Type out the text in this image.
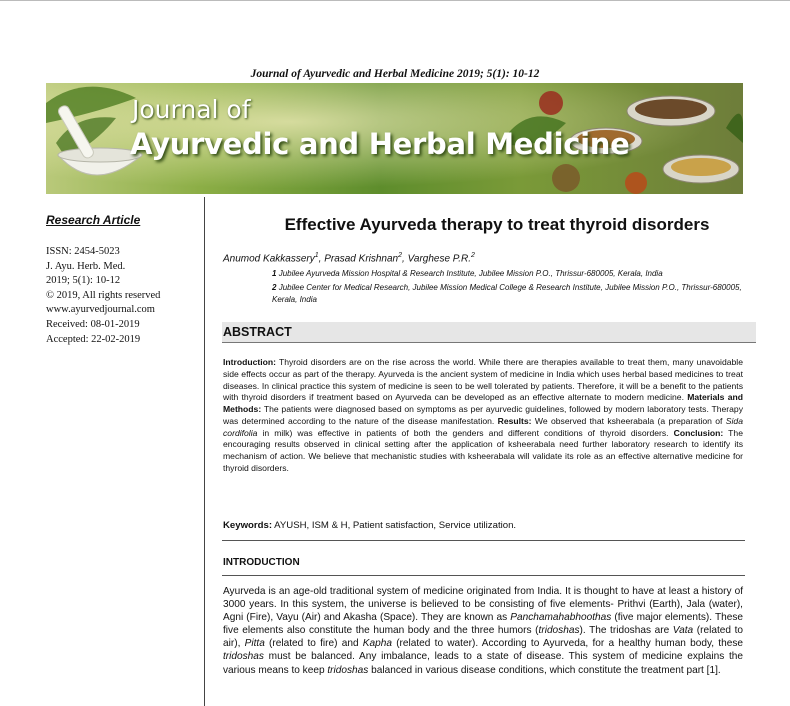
Journal of Ayurvedic and Herbal Medicine 2019; 5(1): 10-12
Journal of
Ayurvedic and Herbal Medicine
Research Article
ISSN: 2454-5023
J. Ayu. Herb. Med.
2019; 5(1): 10-12
© 2019, All rights reserved
www.ayurvedjournal.com
Received: 08-01-2019
Accepted: 22-02-2019
Effective Ayurveda therapy to treat thyroid disorders
Anumod Kakkassery$^1$, Prasad Krishnan$^2$, Varghese P.R.$^2$
1 Jubilee Ayurveda Mission Hospital & Research Institute, Jubilee Mission P.O., Thrissur-680005, Kerala, India
2 Jubilee Center for Medical Research, Jubilee Mission Medical College & Research Institute, Jubilee Mission P.O., Thrissur-680005, Kerala, India
ABSTRACT
Introduction: Thyroid disorders are on the rise across the world. While there are therapies available to treat them, many unavoidable side effects occur as part of the therapy. Ayurveda is the ancient system of medicine in India which uses herbal based medicines to treat diseases. In clinical practice this system of medicine is seen to be well tolerated by patients. Therefore, it will be a benefit to the patients with thyroid disorders if treatment based on Ayurveda can be developed as an effective alternate to modern medicine. Materials and Methods: The patients were diagnosed based on symptoms as per ayurvedic guidelines, followed by modern laboratory tests. Therapy was determined according to the nature of the disease manifestation. Results: We observed that ksheerabala (a preparation of Sida cordifolia in milk) was effective in patients of both the genders and different conditions of thyroid disorders. Conclusion: The encouraging results observed in clinical setting after the application of ksheerabala need further laboratory research to identify its mechanism of action. We believe that mechanistic studies with ksheerabala will validate its role as an effective alternative medicine for thyroid disorders.
Keywords: AYUSH, ISM & H, Patient satisfaction, Service utilization.
INTRODUCTION
Ayurveda is an age-old traditional system of medicine originated from India. It is thought to have at least a history of 3000 years. In this system, the universe is believed to be consisting of five elements- Prithvi (Earth), Jala (water), Agni (Fire), Vayu (Air) and Akasha (Space). They are known as Panchamahabhoothas (five major elements). These five elements also constitute the human body and the three humors (tridoshas). The tridoshas are Vata (related to air), Pitta (related to fire) and Kapha (related to water). According to Ayurveda, for a healthy human body, these tridoshas must be balanced. Any imbalance, leads to a state of disease. This system of medicine explains the various means to keep tridoshas balanced in various disease conditions, which constitute the treatment part [1].
